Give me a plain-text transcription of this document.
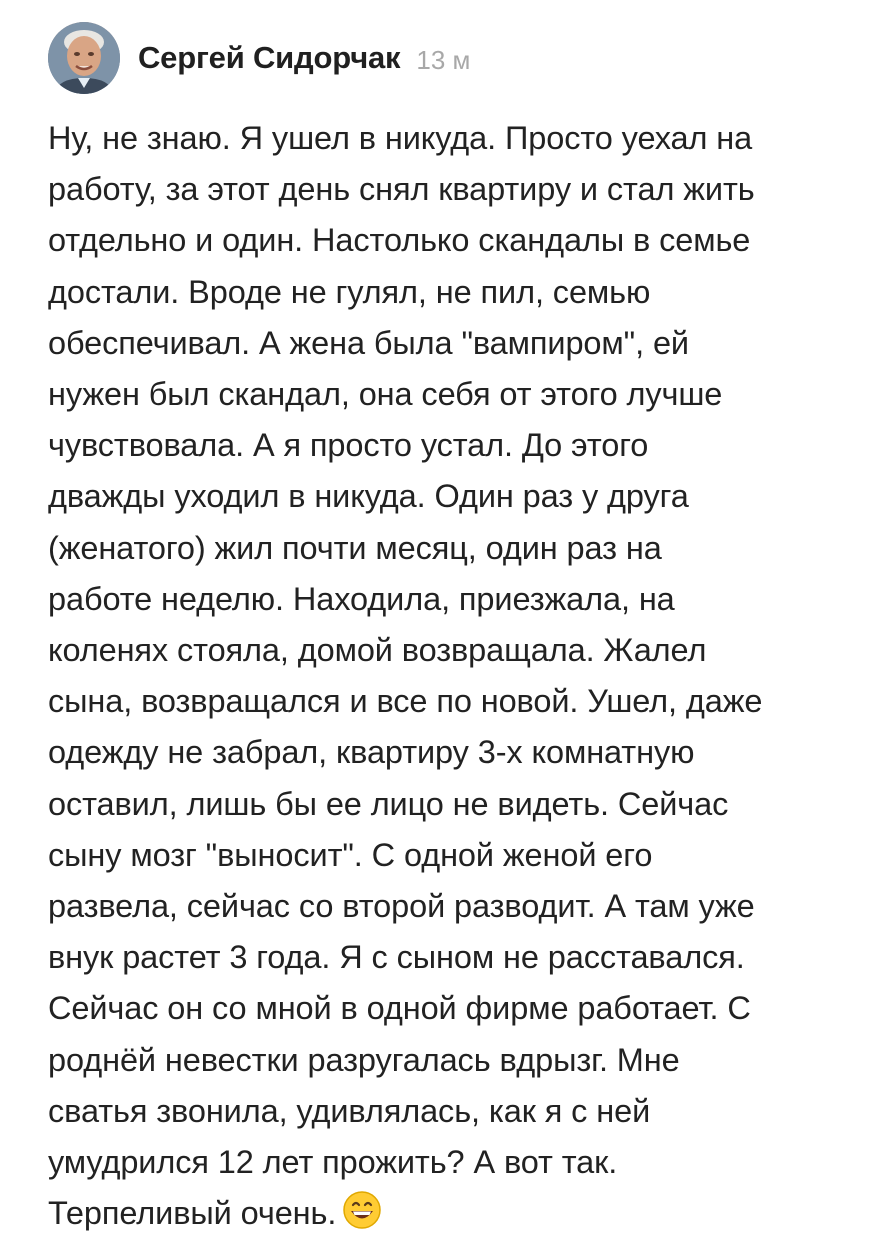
Сергей Сидорчак 13 м
Ну, не знаю. Я ушел в никуда. Просто уехал на
работу, за этот день снял квартиру и стал жить
отдельно и один. Настолько скандалы в семье
достали. Вроде не гулял, не пил, семью
обеспечивал. А жена была "вампиром", ей
нужен был скандал, она себя от этого лучше
чувствовала. А я просто устал. До этого
дважды уходил в никуда. Один раз у друга
(женатого) жил почти месяц, один раз на
работе неделю. Находила, приезжала, на
коленях стояла, домой возвращала. Жалел
сына, возвращался и все по новой. Ушел, даже
одежду не забрал, квартиру 3-х комнатную
оставил, лишь бы ее лицо не видеть. Сейчас
сыну мозг "выносит". С одной женой его
развела, сейчас со второй разводит. А там уже
внук растет 3 года. Я с сыном не расставался.
Сейчас он со мной в одной фирме работает. С
роднёй невестки разругалась вдрызг. Мне
сватья звонила, удивлялась, как я с ней
умудрился 12 лет прожить? А вот так.
Терпеливый очень.
